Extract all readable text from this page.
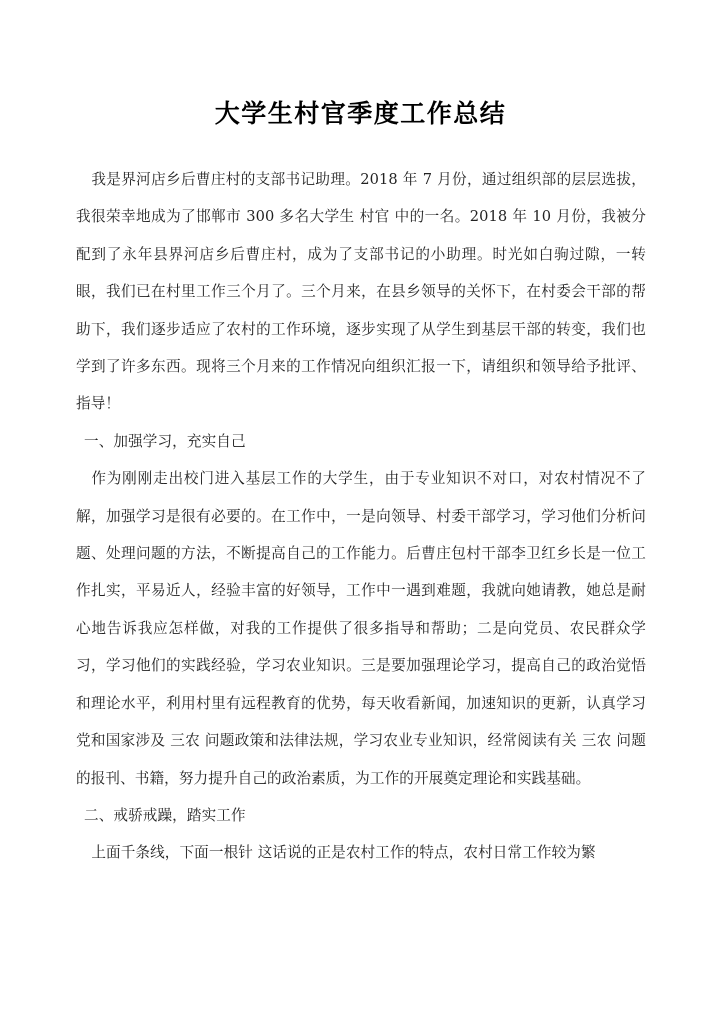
大学生村官季度工作总结

我是界河店乡后曹庄村的支部书记助理。2018 年 7 月份，通过组织部的层层选拔，我很荣幸地成为了邯郸市 300 多名大学生 村官 中的一名。2018 年 10 月份，我被分配到了永年县界河店乡后曹庄村，成为了支部书记的小助理。时光如白驹过隙，一转眼，我们已在村里工作三个月了。三个月来，在县乡领导的关怀下，在村委会干部的帮助下，我们逐步适应了农村的工作环境，逐步实现了从学生到基层干部的转变，我们也学到了许多东西。现将三个月来的工作情况向组织汇报一下，请组织和领导给予批评、指导！

一、加强学习，充实自己

作为刚刚走出校门进入基层工作的大学生，由于专业知识不对口，对农村情况不了解，加强学习是很有必要的。在工作中，一是向领导、村委干部学习，学习他们分析问题、处理问题的方法，不断提高自己的工作能力。后曹庄包村干部李卫红乡长是一位工作扎实，平易近人，经验丰富的好领导，工作中一遇到难题，我就向她请教，她总是耐心地告诉我应怎样做，对我的工作提供了很多指导和帮助；二是向党员、农民群众学习，学习他们的实践经验，学习农业知识。三是要加强理论学习，提高自己的政治觉悟和理论水平，利用村里有远程教育的优势，每天收看新闻，加速知识的更新，认真学习党和国家涉及 三农 问题政策和法律法规，学习农业专业知识，经常阅读有关 三农 问题的报刊、书籍，努力提升自己的政治素质，为工作的开展奠定理论和实践基础。

二、戒骄戒躁，踏实工作

上面千条线，下面一根针 这话说的正是农村工作的特点，农村日常工作较为繁
